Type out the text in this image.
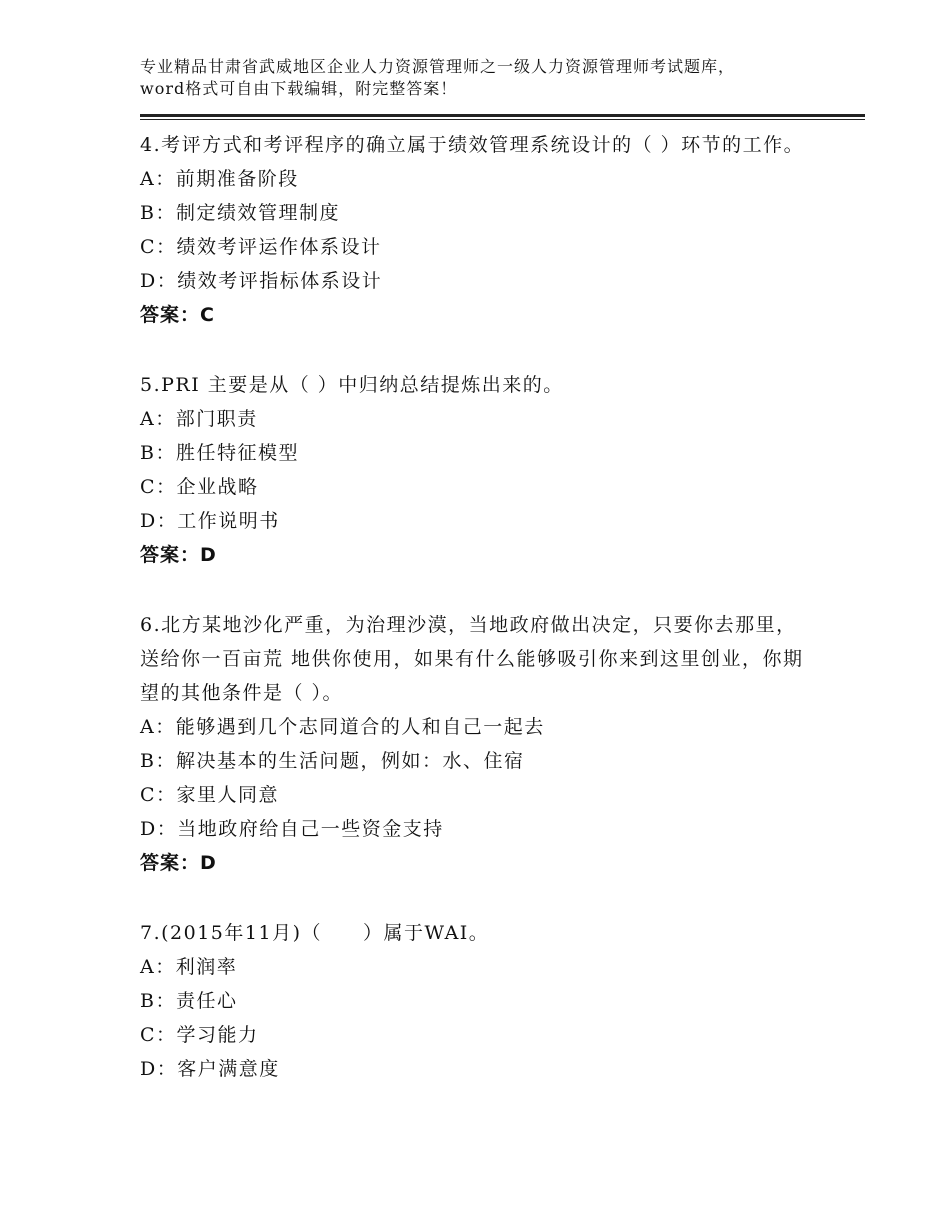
专业精品甘肃省武威地区企业人力资源管理师之一级人力资源管理师考试题库，word格式可自由下载编辑，附完整答案！
4.考评方式和考评程序的确立属于绩效管理系统设计的（ ）环节的工作。
A：前期准备阶段
B：制定绩效管理制度
C：绩效考评运作体系设计
D：绩效考评指标体系设计
答案：C
5.PRI 主要是从（ ）中归纳总结提炼出来的。
A：部门职责
B：胜任特征模型
C：企业战略
D：工作说明书
答案：D
6.北方某地沙化严重，为治理沙漠，当地政府做出决定，只要你去那里，送给你一百亩荒 地供你使用，如果有什么能够吸引你来到这里创业，你期望的其他条件是（ ）。
A：能够遇到几个志同道合的人和自己一起去
B：解决基本的生活问题，例如：水、住宿
C：家里人同意
D：当地政府给自己一些资金支持
答案：D
7.(2015年11月)（　　）属于WAI。
A：利润率
B：责任心
C：学习能力
D：客户满意度
